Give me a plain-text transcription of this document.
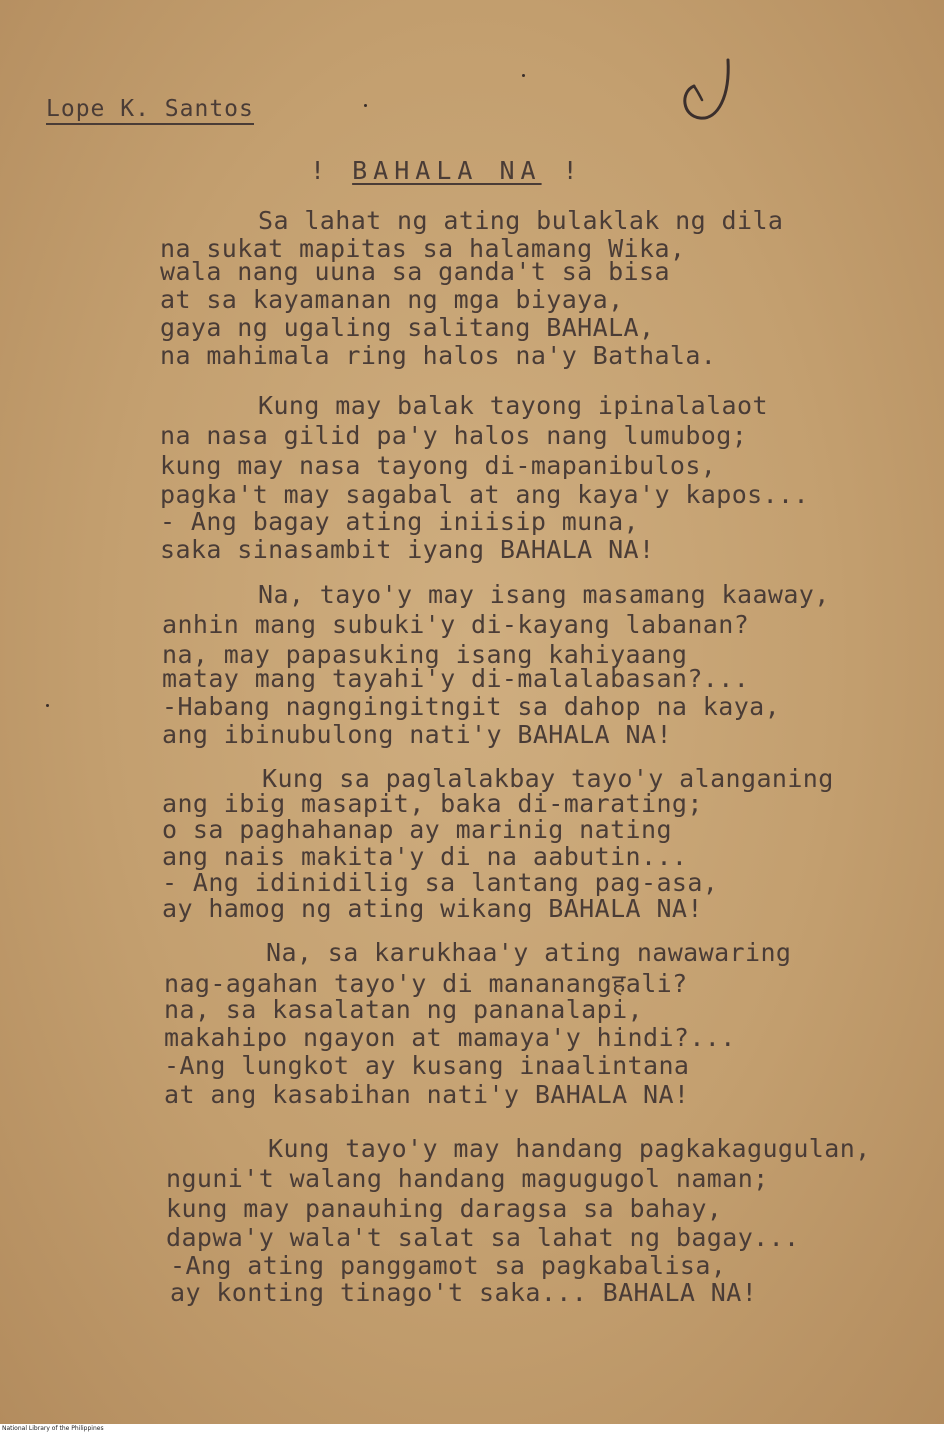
Lope K. Santos
! BAHALA NA !
Sa lahat ng ating bulaklak ng dila
na sukat mapitas sa halamang Wika,
wala nang uuna sa ganda't sa bisa
at sa kayamanan ng mga biyaya,
gaya ng ugaling salitang BAHALA,
na mahimala ring halos na'y Bathala.
Kung may balak tayong ipinalalaot
na nasa gilid pa'y halos nang lumubog;
kung may nasa tayong di-mapanibulos,
pagka't may sagabal at ang kaya'y kapos...
- Ang bagay ating iniisip muna,
saka sinasambit iyang BAHALA NA!
Na, tayo'y may isang masamang kaaway,
anhin mang subuki'y di-kayang labanan?
na, may papasuking isang kahiyaang
matay mang tayahi'y di-malalabasan?...
-Habang nagngingitngit sa dahop na kaya,
ang ibinubulong nati'y BAHALA NA!
Kung sa paglalakbay tayo'y alanganing
ang ibig masapit, baka di-marating;
o sa paghahanap ay marinig nating
ang nais makita'y di na aabutin...
- Ang idinidilig sa lantang pag-asa,
ay hamog ng ating wikang BAHALA NA!
Na, sa karukhaa'y ating nawawaring
nag-agahan tayo'y di mananangहali?
na, sa kasalatan ng pananalapi,
makahipo ngayon at mamaya'y hindi?...
-Ang lungkot ay kusang inaalintana
at ang kasabihan nati'y BAHALA NA!
Kung tayo'y may handang pagkakagugulan,
nguni't walang handang magugugol naman;
kung may panauhing daragsa sa bahay,
dapwa'y wala't salat sa lahat ng bagay...
-Ang ating panggamot sa pagkabalisa,
ay konting tinago't saka... BAHALA NA!
National Library of the Philippines
